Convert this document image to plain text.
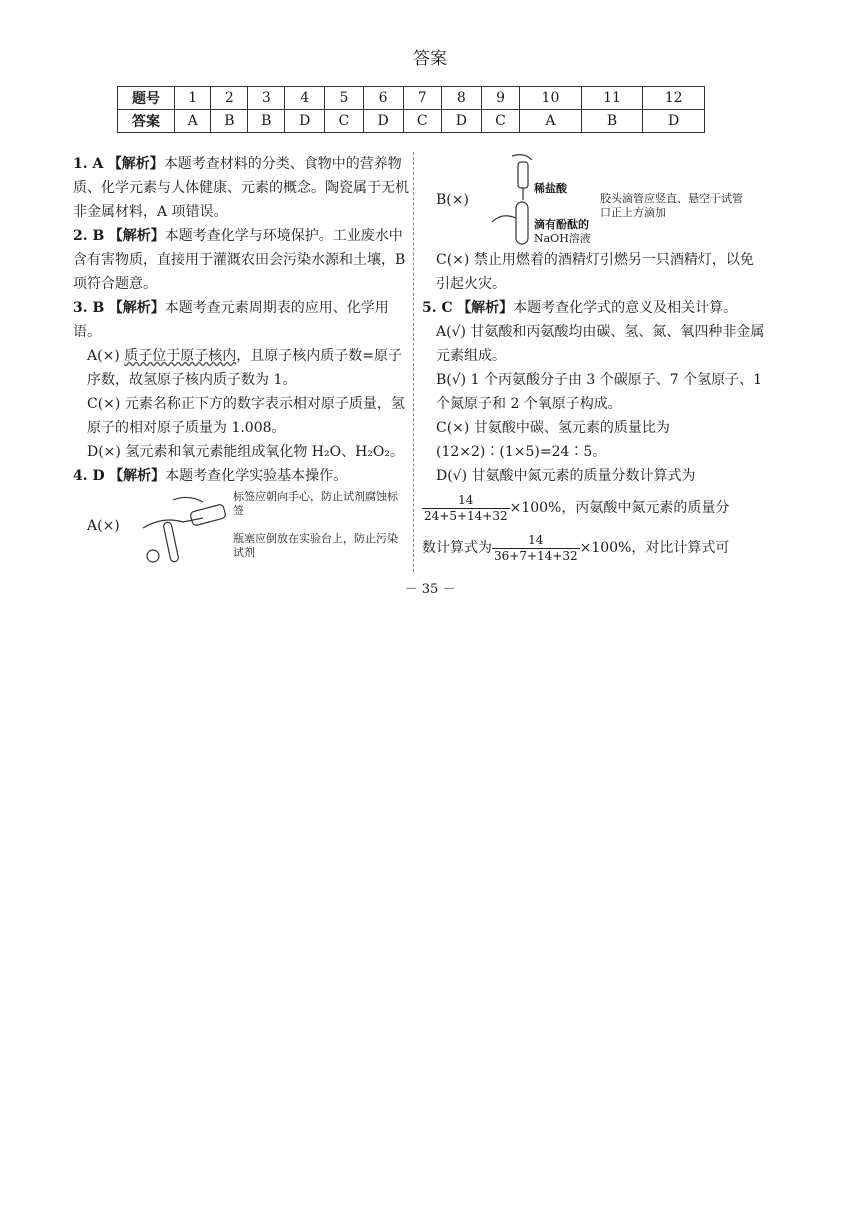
答案
题号	1	2	3	4	5	6	7	8	9	10	11	12
答案	A	B	B	D	C	D	C	D	C	A	B	D

1. A 【解析】本题考查材料的分类、食物中的营养物质、化学元素与人体健康、元素的概念。陶瓷属于无机非金属材料，A 项错误。

2. B 【解析】本题考查化学与环境保护。工业废水中含有害物质，直接用于灌溉农田会污染水源和土壤，B 项符合题意。

3. B 【解析】本题考查元素周期表的应用、化学用语。

A(×) 质子位于原子核内，且原子核内质子数=原子序数，故氢原子核内质子数为 1。

C(×) 元素名称正下方的数字表示相对原子质量，氢原子的相对原子质量为 1.008。

D(×) 氢元素和氧元素能组成氧化物 H₂O、H₂O₂。

4. D 【解析】本题考查化学实验基本操作。

A(×)
标签应朝向手心，防止试剂腐蚀标签
瓶塞应倒放在实验台上，防止污染试剂
B(×)
稀盐酸
滴有酚酞的
NaOH溶液
胶头滴管应竖直、悬空于试管口正上方滴加

C(×) 禁止用燃着的酒精灯引燃另一只酒精灯，以免引起火灾。

5. C 【解析】本题考查化学式的意义及相关计算。

A(√) 甘氨酸和丙氨酸均由碳、氢、氮、氧四种非金属元素组成。

B(√) 1 个丙氨酸分子由 3 个碳原子、7 个氢原子、1 个氮原子和 2 个氧原子构成。

C(×) 甘氨酸中碳、氢元素的质量比为(12×2)∶(1×5)=24∶5。

D(√) 甘氨酸中氮元素的质量分数计算式为

$\frac{14}{24+5+14+32} \times 100\%$，丙氨酸中氮元素的质量分

数计算式为 $\frac{14}{36+7+14+32} \times 100\%$，对比计算式可

－ 35 －
